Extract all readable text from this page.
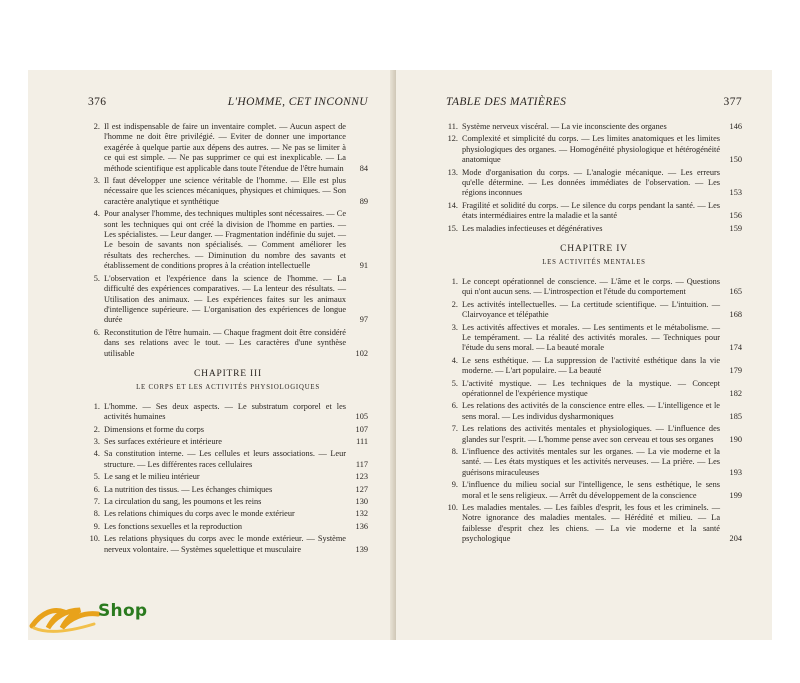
376	L'HOMME, CET INCONNU
2. Il est indispensable de faire un inventaire complet. — Aucun aspect de l'homme ne doit être privilégié. — Eviter de donner une importance exagérée à quelque partie aux dépens des autres. — Ne pas se limiter à ce qui est simple. — Ne pas supprimer ce qui est inexplicable. — La méthode scientifique est applicable dans toute l'étendue de l'être humain	84
3. Il faut développer une science véritable de l'homme. — Elle est plus nécessaire que les sciences mécaniques, physiques et chimiques. — Son caractère analytique et synthétique	89
4. Pour analyser l'homme, des techniques multiples sont nécessaires. — Ce sont les techniques qui ont créé la division de l'homme en parties. — Les spécialistes. — Leur danger. — Fragmentation indéfinie du sujet. — Le besoin de savants non spécialisés. — Comment améliorer les résultats des recherches. — Diminution du nombre des savants et établissement de conditions propres à la création intellectuelle	91
5. L'observation et l'expérience dans la science de l'homme. — La difficulté des expériences comparatives. — La lenteur des résultats. — Utilisation des animaux. — Les expériences faites sur les animaux d'intelligence supérieure. — L'organisation des expériences de longue durée	97
6. Reconstitution de l'être humain. — Chaque fragment doit être considéré dans ses relations avec le tout. — Les caractères d'une synthèse utilisable	102
CHAPITRE III
LE CORPS ET LES ACTIVITÉS PHYSIOLOGIQUES
1. L'homme. — Ses deux aspects. — Le substratum corporel et les activités humaines	105
2. Dimensions et forme du corps	107
3. Ses surfaces extérieure et intérieure	111
4. Sa constitution interne. — Les cellules et leurs associations. — Leur structure. — Les différentes races cellulaires	117
5. Le sang et le milieu intérieur	123
6. La nutrition des tissus. — Les échanges chimiques	127
7. La circulation du sang, les poumons et les reins	130
8. Les relations chimiques du corps avec le monde extérieur	132
9. Les fonctions sexuelles et la reproduction	136
10. Les relations physiques du corps avec le monde extérieur. — Système nerveux volontaire. — Systèmes squelettique et musculaire	139
TABLE DES MATIÈRES	377
11. Système nerveux viscéral. — La vie inconsciente des organes	146
12. Complexité et simplicité du corps. — Les limites anatomiques et les limites physiologiques des organes. — Homogénéité physiologique et hétérogénéité anatomique	150
13. Mode d'organisation du corps. — L'analogie mécanique. — Les erreurs qu'elle détermine. — Les données immédiates de l'observation. — Les régions inconnues	153
14. Fragilité et solidité du corps. — Le silence du corps pendant la santé. — Les états intermédiaires entre la maladie et la santé	156
15. Les maladies infectieuses et dégénératives	159
CHAPITRE IV
LES ACTIVITÉS MENTALES
1. Le concept opérationnel de conscience. — L'âme et le corps. — Questions qui n'ont aucun sens. — L'introspection et l'étude du comportement	165
2. Les activités intellectuelles. — La certitude scientifique. — L'intuition. — Clairvoyance et télépathie	168
3. Les activités affectives et morales. — Les sentiments et le métabolisme. — Le tempérament. — La réalité des activités morales. — Techniques pour l'étude du sens moral. — La beauté morale	174
4. Le sens esthétique. — La suppression de l'activité esthétique dans la vie moderne. — L'art populaire. — La beauté	179
5. L'activité mystique. — Les techniques de la mystique. — Concept opérationnel de l'expérience mystique	182
6. Les relations des activités de la conscience entre elles. — L'intelligence et le sens moral. — Les individus dysharmoniques	185
7. Les relations des activités mentales et physiologiques. — L'influence des glandes sur l'esprit. — L'homme pense avec son cerveau et tous ses organes	190
8. L'influence des activités mentales sur les organes. — La vie moderne et la santé. — Les états mystiques et les activités nerveuses. — La prière. — Les guérisons miraculeuses	193
9. L'influence du milieu social sur l'intelligence, le sens esthétique, le sens moral et le sens religieux. — Arrêt du développement de la conscience	199
10. Les maladies mentales. — Les faibles d'esprit, les fous et les criminels. — Notre ignorance des maladies mentales. — Hérédité et milieu. — La faiblesse d'esprit chez les chiens. — La vie moderne et la santé psychologique	204
Shop
